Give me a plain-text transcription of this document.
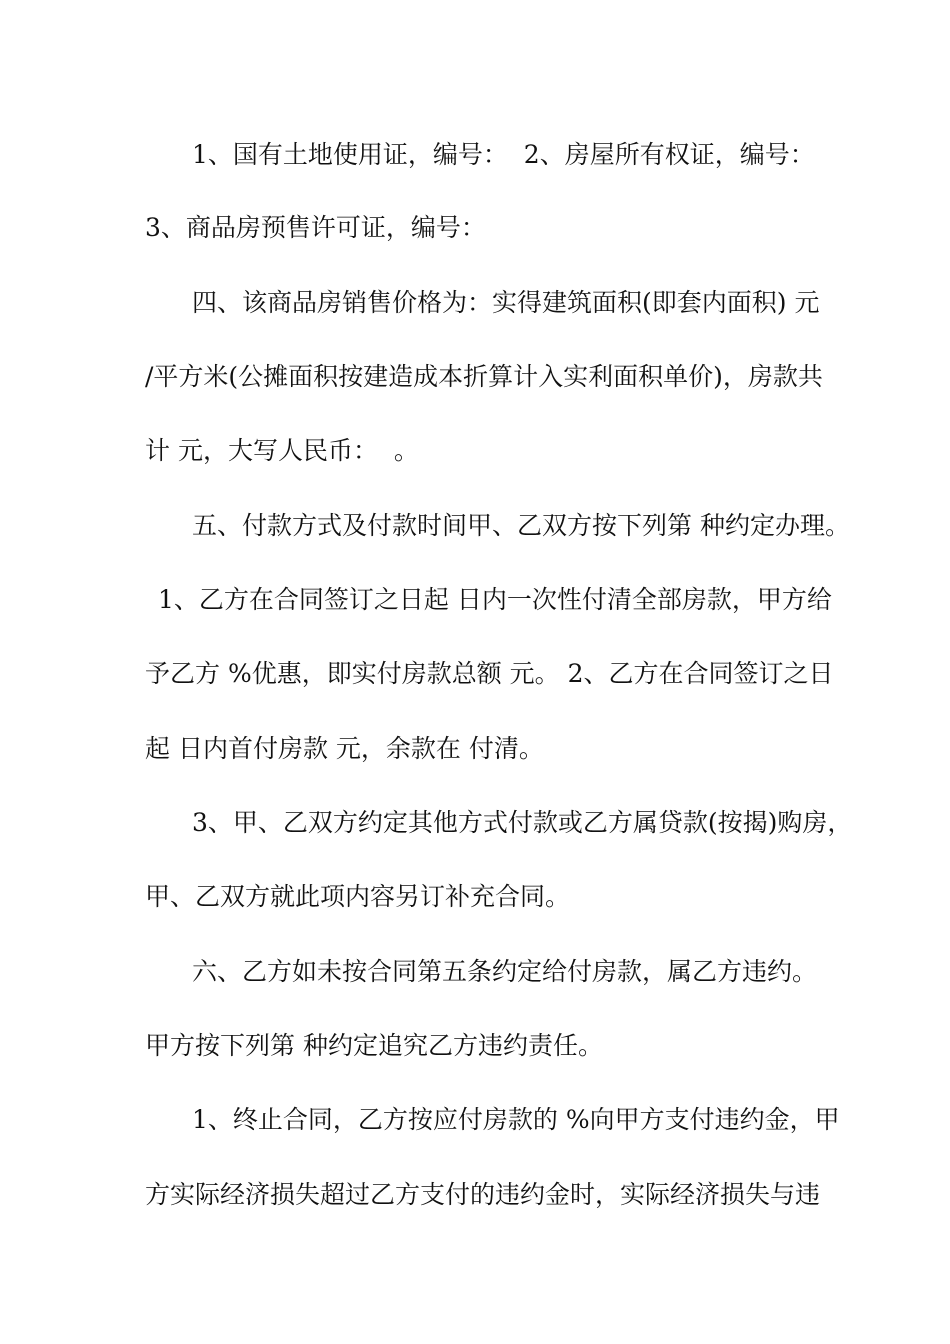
1、国有土地使用证，编号：  2、房屋所有权证，编号：
3、商品房预售许可证，编号：
四、该商品房销售价格为：实得建筑面积(即套内面积) 元
/平方米(公摊面积按建造成本折算计入实利面积单价)，房款共
计 元，大写人民币：  。
五、付款方式及付款时间甲、乙双方按下列第 种约定办理。
1、乙方在合同签订之日起 日内一次性付清全部房款，甲方给
予乙方 %优惠，即实付房款总额 元。 2、乙方在合同签订之日
起 日内首付房款 元，余款在 付清。
3、甲、乙双方约定其他方式付款或乙方属贷款(按揭)购房，
甲、乙双方就此项内容另订补充合同。
六、乙方如未按合同第五条约定给付房款，属乙方违约。
甲方按下列第 种约定追究乙方违约责任。
1、终止合同，乙方按应付房款的 %向甲方支付违约金，甲
方实际经济损失超过乙方支付的违约金时，实际经济损失与违
